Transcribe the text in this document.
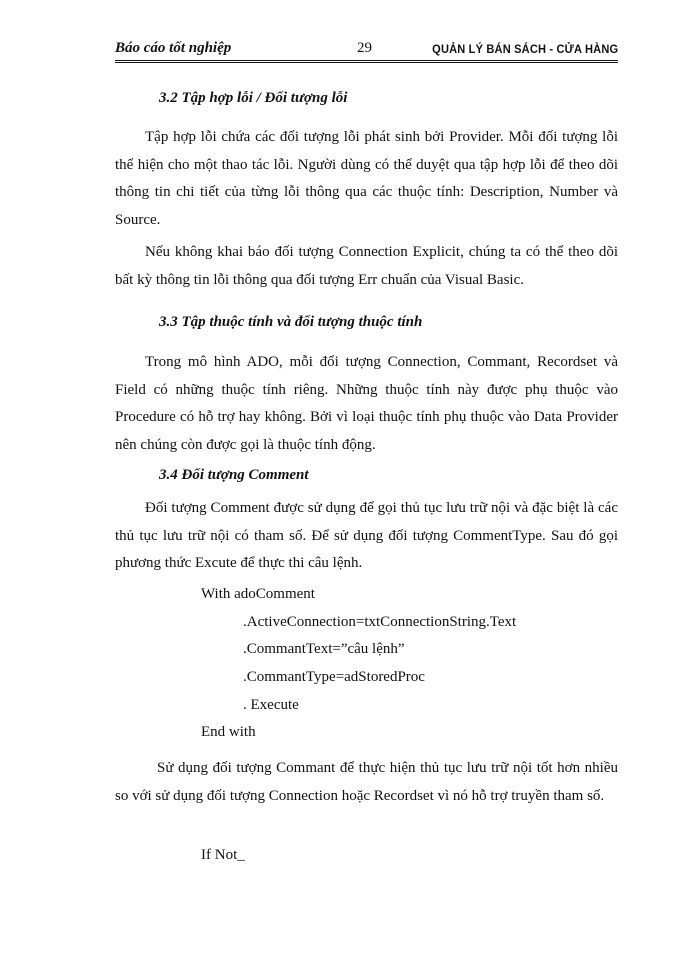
Báo cáo tốt nghiệp	29	QUẢN LÝ BÁN SÁCH - CỬA HÀNG

3.2 Tập hợp lỗi / Đối tượng lỗi

Tập hợp lỗi chứa các đối tượng lỗi phát sinh bởi Provider. Mỗi đối tượng lỗi thể hiện cho một thao tác lỗi. Người dùng có thể duyệt qua tập hợp lỗi để theo dõi thông tin chi tiết của từng lỗi thông qua các thuộc tính: Description, Number và Source.

Nếu không khai báo đối tượng Connection Explicit, chúng ta có thể theo dõi bất kỳ thông tin lỗi thông qua đối tượng Err chuẩn của Visual Basic.

3.3 Tập thuộc tính và đối tượng thuộc tính

Trong mô hình ADO, mỗi đối tượng Connection, Commant, Recordset và Field có những thuộc tính riêng. Những thuộc tính này được phụ thuộc vào Procedure có hỗ trợ hay không. Bởi vì loại thuộc tính phụ thuộc vào Data Provider nên chúng còn được gọi là thuộc tính động.

3.4 Đối tượng Comment

Đối tượng Comment được sử dụng để gọi thủ tục lưu trữ nội và đặc biệt là các thủ tục lưu trữ nội có tham số. Để sử dụng đối tượng CommentType. Sau đó gọi phương thức Excute để thực thi câu lệnh.

With adoComment

.ActiveConnection=txtConnectionString.Text

.CommantText=”câu lệnh”

.CommantType=adStoredProc

. Execute

End with

Sử dụng đối tượng Commant để thực hiện thủ tục lưu trữ nội tốt hơn nhiều so với sử dụng đối tượng Connection hoặc Recordset vì nó hỗ trợ truyền tham số.

If Not_
